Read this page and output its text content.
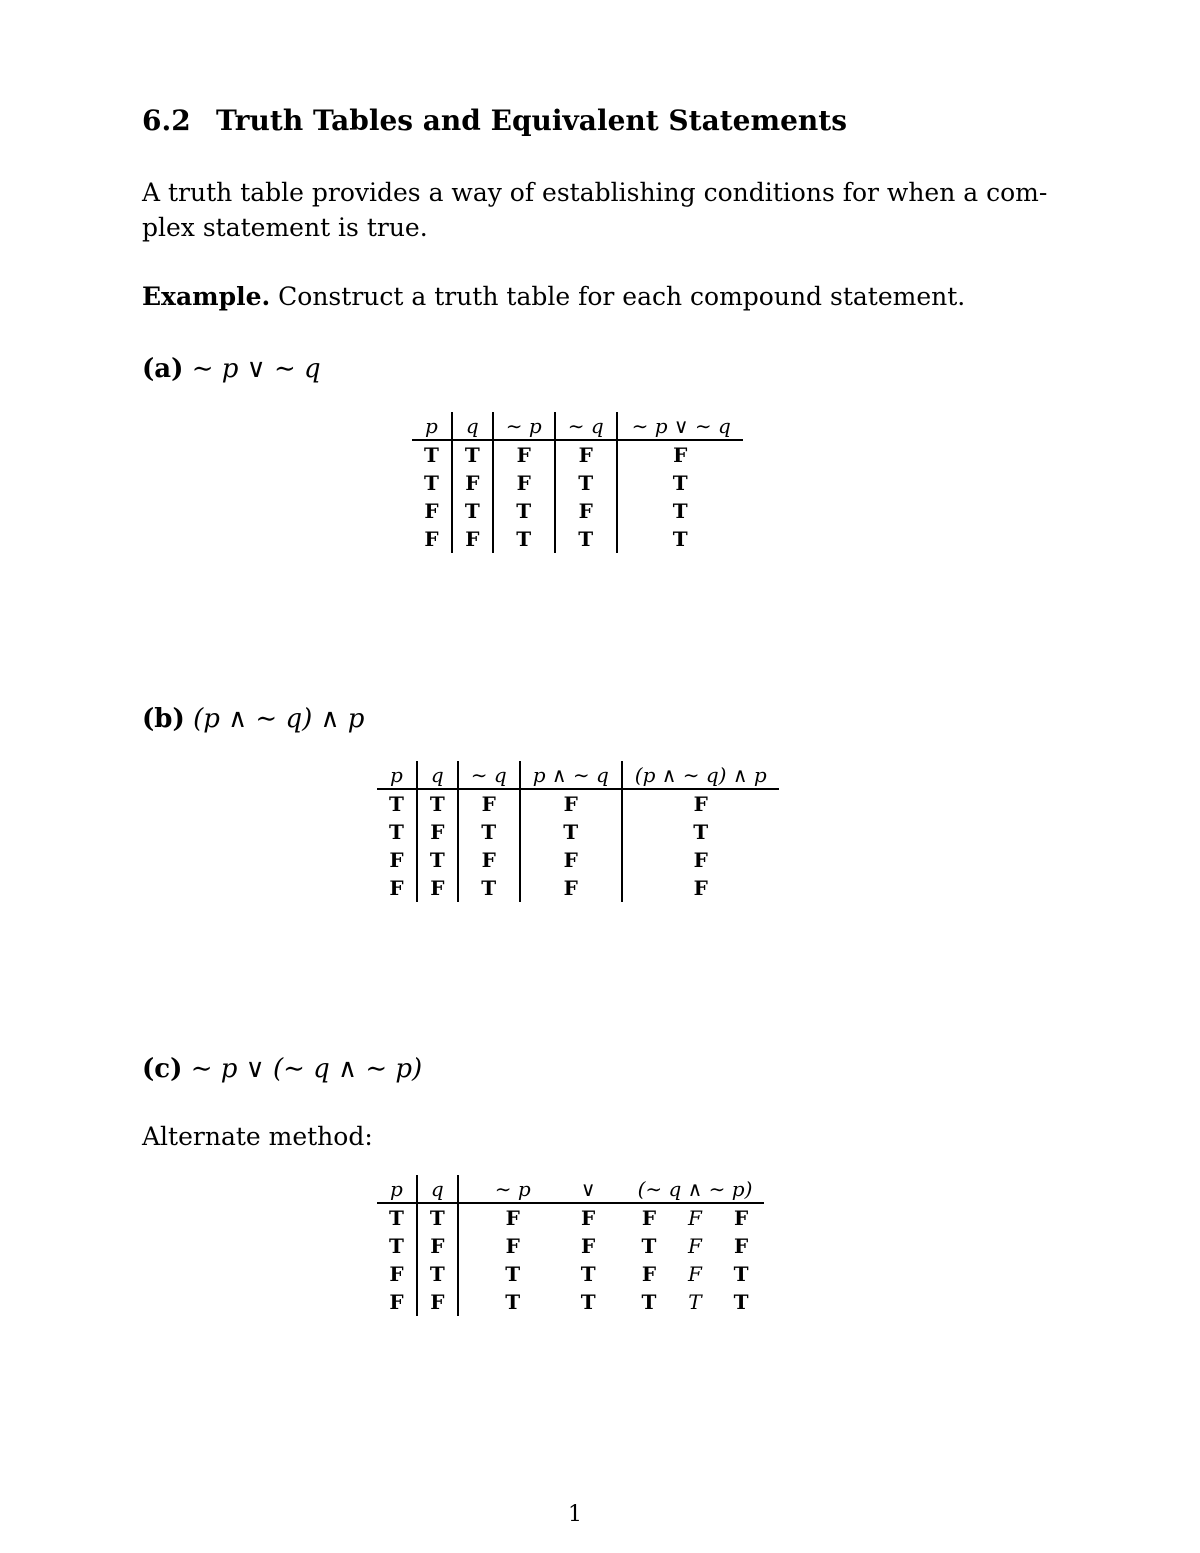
6.2 Truth Tables and Equivalent Statements
A truth table provides a way of establishing conditions for when a com-
plex statement is true.
Example. Construct a truth table for each compound statement.
(a) ∼ p ∨ ∼ q
p	q	∼ p	∼ q	∼ p ∨ ∼ q
T	T	F	F	F
T	F	F	T	T
F	T	T	F	T
F	F	T	T	T
(b) (p ∧ ∼ q) ∧ p
p	q	∼ q	p ∧ ∼ q	(p ∧ ∼ q) ∧ p
T	T	F	F	F
T	F	T	T	T
F	T	F	F	F
F	F	T	F	F
(c) ∼ p ∨ (∼ q ∧ ∼ p)
Alternate method:
p	q	∼ p	∨	(∼ q ∧ ∼ p)		
T	T	F	F	F	F	F
T	F	F	F	T	F	F
F	T	T	T	F	F	T
F	F	T	T	T	T	T
1
